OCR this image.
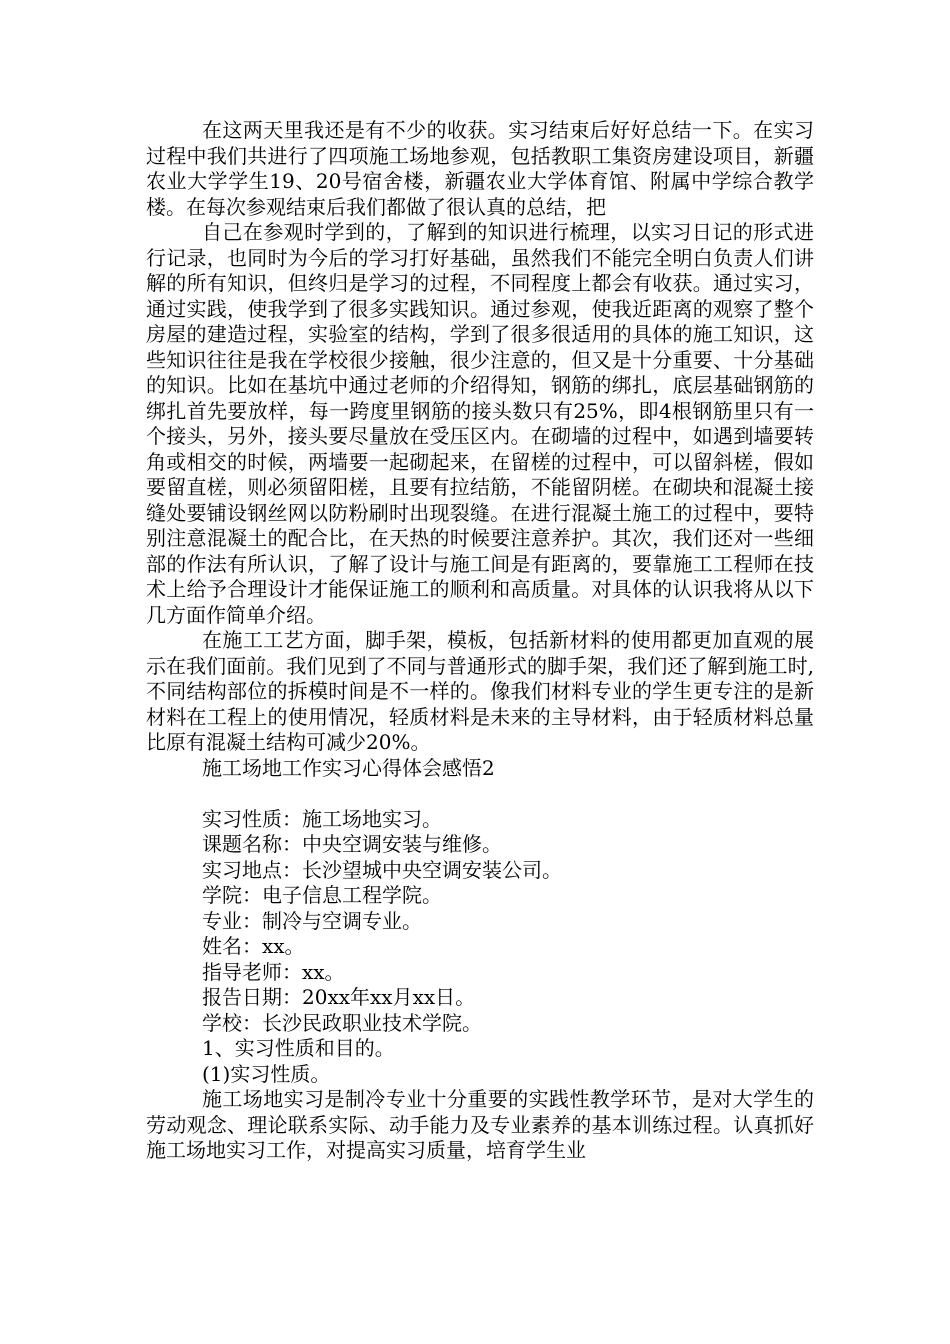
在这两天里我还是有不少的收获。实习结束后好好总结一下。在实习过程中我们共进行了四项施工场地参观，包括教职工集资房建设项目，新疆农业大学学生19、20号宿舍楼，新疆农业大学体育馆、附属中学综合教学楼。在每次参观结束后我们都做了很认真的总结，把

自己在参观时学到的，了解到的知识进行梳理，以实习日记的形式进行记录，也同时为今后的学习打好基础，虽然我们不能完全明白负责人们讲解的所有知识，但终归是学习的过程，不同程度上都会有收获。通过实习，通过实践，使我学到了很多实践知识。通过参观，使我近距离的观察了整个房屋的建造过程，实验室的结构，学到了很多很适用的具体的施工知识，这些知识往往是我在学校很少接触，很少注意的，但又是十分重要、十分基础的知识。比如在基坑中通过老师的介绍得知，钢筋的绑扎，底层基础钢筋的绑扎首先要放样，每一跨度里钢筋的接头数只有25%，即4根钢筋里只有一个接头，另外，接头要尽量放在受压区内。在砌墙的过程中，如遇到墙要转角或相交的时候，两墙要一起砌起来，在留槎的过程中，可以留斜槎，假如要留直槎，则必须留阳槎，且要有拉结筋，不能留阴槎。在砌块和混凝土接缝处要铺设钢丝网以防粉刷时出现裂缝。在进行混凝土施工的过程中，要特别注意混凝土的配合比，在天热的时候要注意养护。其次，我们还对一些细部的作法有所认识，了解了设计与施工间是有距离的，要靠施工工程师在技术上给予合理设计才能保证施工的顺利和高质量。对具体的认识我将从以下几方面作简单介绍。

在施工工艺方面，脚手架，模板，包括新材料的使用都更加直观的展示在我们面前。我们见到了不同与普通形式的脚手架，我们还了解到施工时,不同结构部位的拆模时间是不一样的。像我们材料专业的学生更专注的是新材料在工程上的使用情况，轻质材料是未来的主导材料，由于轻质材料总量比原有混凝土结构可减少20%。

施工场地工作实习心得体会感悟2

实习性质：施工场地实习。

课题名称：中央空调安装与维修。

实习地点：长沙望城中央空调安装公司。

学院：电子信息工程学院。

专业：制冷与空调专业。

姓名：xx。

指导老师：xx。

报告日期：20xx年xx月xx日。

学校：长沙民政职业技术学院。

1、实习性质和目的。

(1)实习性质。

施工场地实习是制冷专业十分重要的实践性教学环节，是对大学生的劳动观念、理论联系实际、动手能力及专业素养的基本训练过程。认真抓好施工场地实习工作，对提高实习质量，培育学生业
